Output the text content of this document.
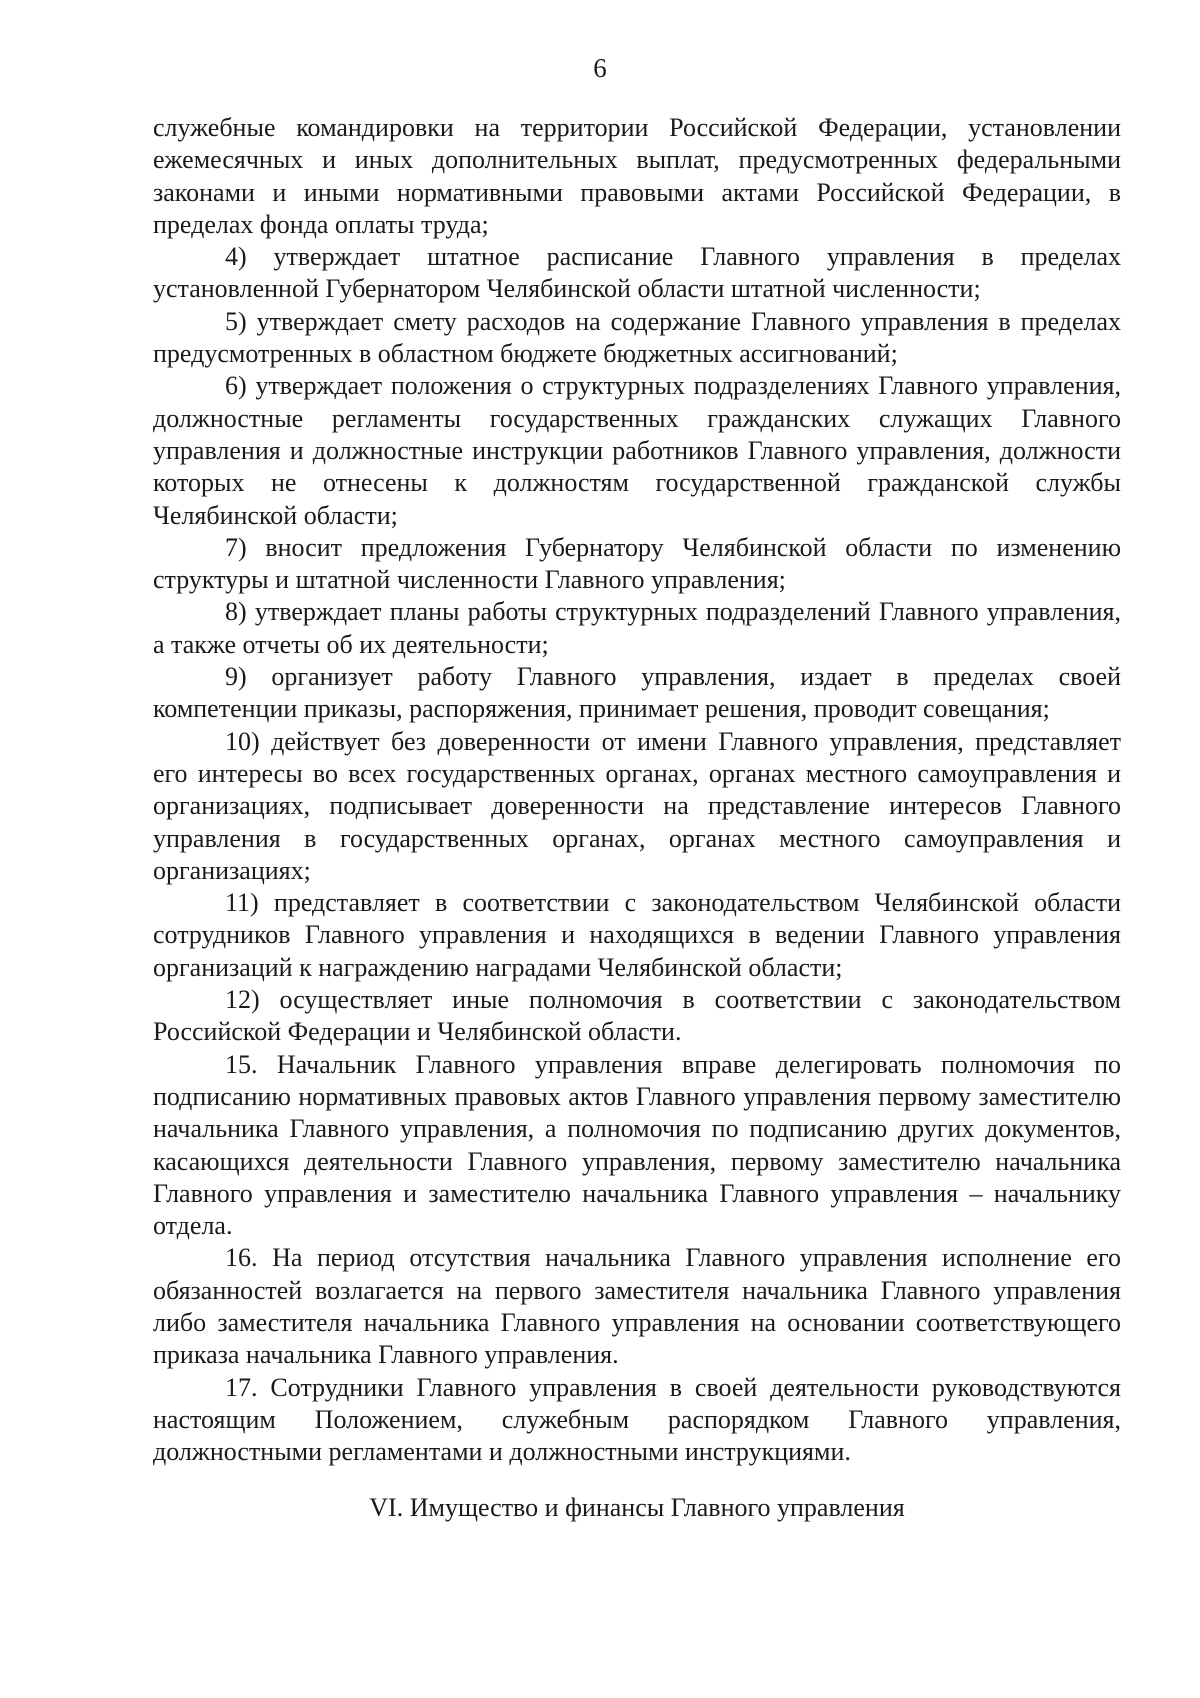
6

служебные командировки на территории Российской Федерации, установлении ежемесячных и иных дополнительных выплат, предусмотренных федеральными законами и иными нормативными правовыми актами Российской Федерации, в пределах фонда оплаты труда;

4) утверждает штатное расписание Главного управления в пределах установленной Губернатором Челябинской области штатной численности;

5) утверждает смету расходов на содержание Главного управления в пределах предусмотренных в областном бюджете бюджетных ассигнований;

6) утверждает положения о структурных подразделениях Главного управления, должностные регламенты государственных гражданских служащих Главного управления и должностные инструкции работников Главного управления, должности которых не отнесены к должностям государственной гражданской службы Челябинской области;

7) вносит предложения Губернатору Челябинской области по изменению структуры и штатной численности Главного управления;

8) утверждает планы работы структурных подразделений Главного управления, а также отчеты об их деятельности;

9) организует работу Главного управления, издает в пределах своей компетенции приказы, распоряжения, принимает решения, проводит совещания;

10) действует без доверенности от имени Главного управления, представляет его интересы во всех государственных органах, органах местного самоуправления и организациях, подписывает доверенности на представление интересов Главного управления в государственных органах, органах местного самоуправления и организациях;

11) представляет в соответствии с законодательством Челябинской области сотрудников Главного управления и находящихся в ведении Главного управления организаций к награждению наградами Челябинской области;

12) осуществляет иные полномочия в соответствии с законодательством Российской Федерации и Челябинской области.

15. Начальник Главного управления вправе делегировать полномочия по подписанию нормативных правовых актов Главного управления первому заместителю начальника Главного управления, а полномочия по подписанию других документов, касающихся деятельности Главного управления, первому заместителю начальника Главного управления и заместителю начальника Главного управления – начальнику отдела.

16. На период отсутствия начальника Главного управления исполнение его обязанностей возлагается на первого заместителя начальника Главного управления либо заместителя начальника Главного управления на основании соответствующего приказа начальника Главного управления.

17. Сотрудники Главного управления в своей деятельности руководствуются настоящим Положением, служебным распорядком Главного управления, должностными регламентами и должностными инструкциями.

VI. Имущество и финансы Главного управления
